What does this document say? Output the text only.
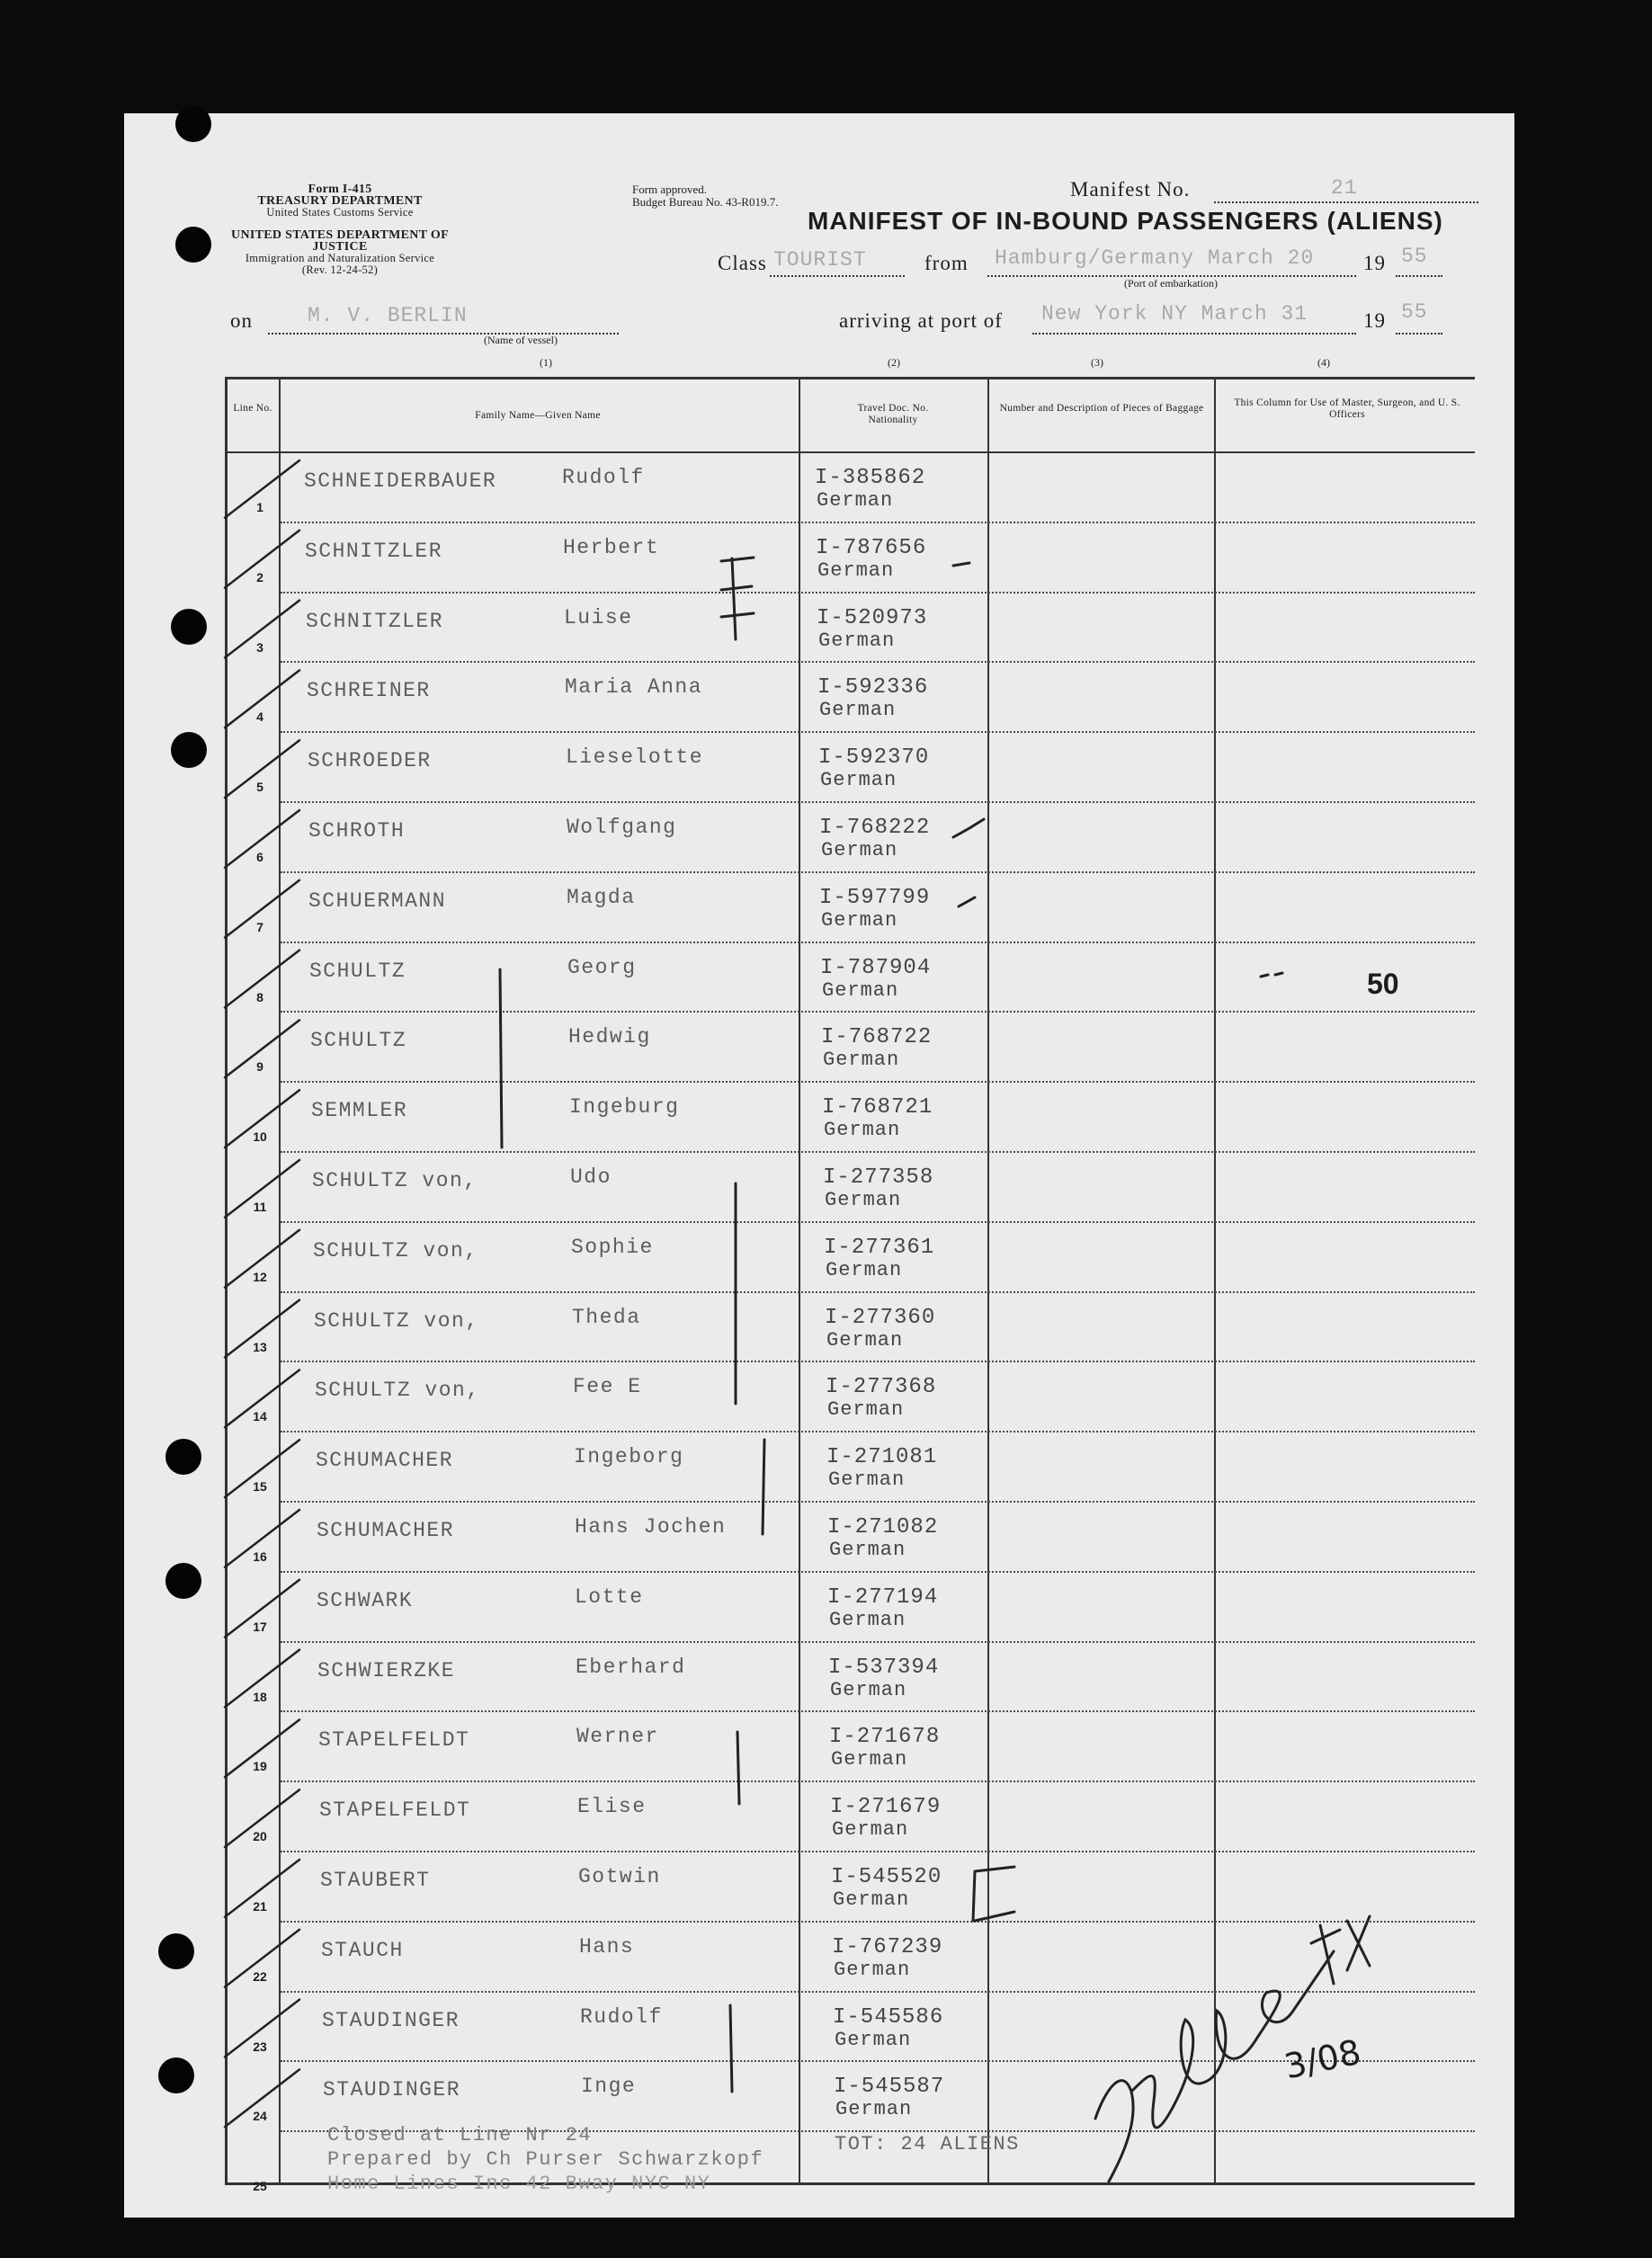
Form I-415
TREASURY DEPARTMENT
United States Customs Service
UNITED STATES DEPARTMENT OF JUSTICE
Immigration and Naturalization Service
(Rev. 12-24-52)
Form approved.
Budget Bureau No. 43-R019.7.
Manifest No.	21
MANIFEST OF IN-BOUND PASSENGERS (ALIENS)
Class TOURIST	from Hamburg/Germany March 20 19 55
(Port of embarkation)
on	M. V. BERLIN
(Name of vessel)
arriving at port of New York NY March 31	19 55
(1)	(2)	(3)	(4)
Line No.
Family Name—Given Name
Travel Doc. No. Nationality
Number and Description of Pieces of Baggage	This Column for Use of Master, Surgeon, and U. S. Officers
1
SCHNEIDERBAUER	Rudolf	I-385862
German
2
SCHNITZLER	Herbert	I-787656
German
3
SCHNITZLER	Luise	I-520973
German
4
SCHREINER	Maria Anna	I-592336
German
5
SCHROEDER	Lieselotte	I-592370
German
6
SCHROTH	Wolfgang	I-768222
German
7
SCHUERMANN	Magda	I-597799
German
8
SCHULTZ	Georg	I-787904
German
9
SCHULTZ	Hedwig	I-768722
German
10
SEMMLER	Ingeburg	I-768721
German
11
SCHULTZ von,	Udo	I-277358
German
12
SCHULTZ von,	Sophie	I-277361
German
13
SCHULTZ von,	Theda	I-277360
German
14
SCHULTZ von,	Fee E	I-277368
German
15
SCHUMACHER	Ingeborg	I-271081
German
16
SCHUMACHER	Hans Jochen	I-271082
German
17
SCHWARK	Lotte	I-277194
German
18
SCHWIERZKE	Eberhard	I-537394
German
19
STAPELFELDT	Werner	I-271678
German
20
STAPELFELDT	Elise	I-271679
German
21
STAUBERT	Gotwin	I-545520
German
22
STAUCH	Hans	I-767239
German
23
STAUDINGER	Rudolf	I-545586
German
24
STAUDINGER	Inge	I-545587
German
25
Closed at Line Nr 24
Prepared by Ch Purser Schwarzkopf
Home Lines Inc 42 Bway NYC NY
TOT: 24 ALIENS
50
3/08
